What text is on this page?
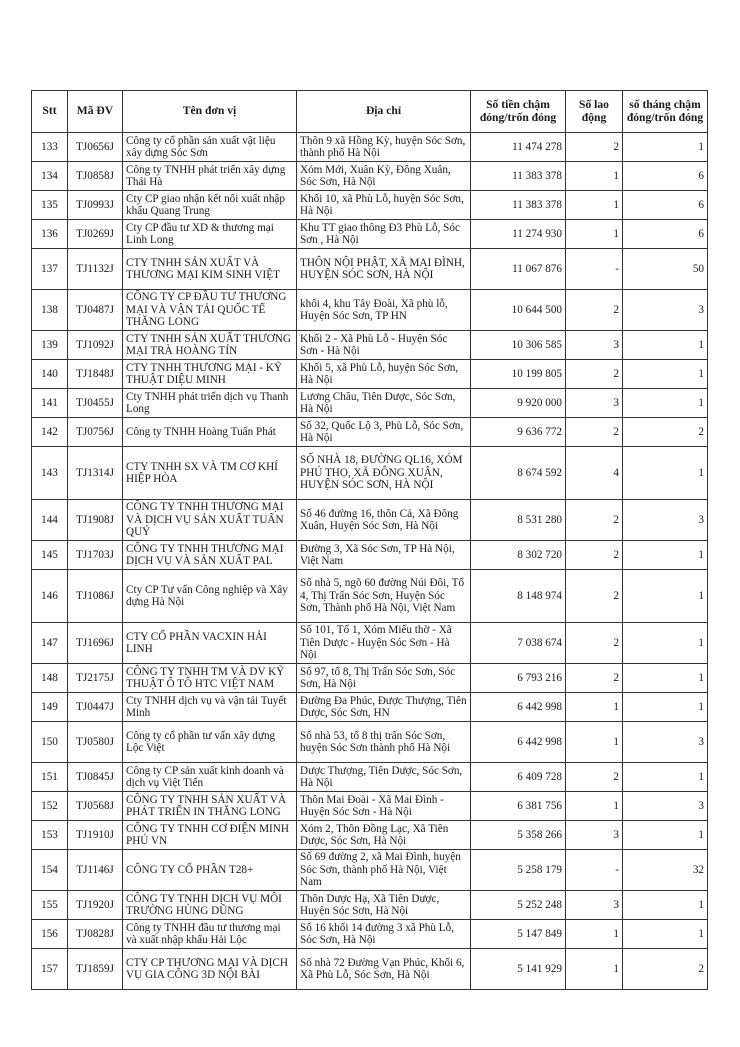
Stt	Mã ĐV	Tên đơn vị	Địa chỉ	Số tiền chậm đóng/trốn đóng	Số lao động	số tháng chậm đóng/trốn đóng
133	TJ0656J	Công ty cổ phần sản xuất vật liệu xây dựng Sóc Sơn	Thôn 9 xã Hồng Kỳ, huyện Sóc Sơn, thành phố Hà Nội	11 474 278	2	1
134	TJ0858J	Công ty TNHH phát triển xây dựng Thái Hà	Xóm Mới, Xuân Kỳ, Đông Xuân, Sóc Sơn, Hà Nội	11 383 378	1	6
135	TJ0993J	Cty CP giao nhận kết nối xuất nhập khẩu Quang Trung	Khối 10, xã Phù Lỗ, huyện Sóc Sơn, Hà Nội	11 383 378	1	6
136	TJ0269J	Cty CP đầu tư XD & thương mại Linh Long	Khu TT giao thông Đ3 Phù Lỗ, Sóc Sơn , Hà Nội	11 274 930	1	6
137	TJ1132J	CTY TNHH SẢN XUẤT VÀ THƯƠNG MẠI KIM SINH VIỆT	THÔN NỘI PHẬT, XÃ MAI ĐÌNH, HUYỆN SÓC SƠN, HÀ NỘI	11 067 876	-	50
138	TJ0487J	CÔNG TY CP ĐẦU TƯ THƯƠNG MẠI VÀ VẬN TẢI QUỐC TẾ THĂNG LONG	khối 4, khu Tây Đoài, Xã phù lỗ, Huyện Sóc Sơn, TP HN	10 644 500	2	3
139	TJ1092J	CTY TNHH SẢN XUẤT THƯƠNG MẠI TRÀ HOÀNG TÍN	Khối 2 - Xã Phù Lỗ - Huyện Sóc Sơn - Hà Nội	10 306 585	3	1
140	TJ1848J	CTY TNHH THƯƠNG MẠI - KỸ THUẬT DIỆU MINH	Khối 5, xã Phù Lỗ, huyện Sóc Sơn, Hà Nội	10 199 805	2	1
141	TJ0455J	Cty TNHH phát triển dịch vụ Thanh Long	Lương Châu, Tiên Dược, Sóc Sơn, Hà Nội	9 920 000	3	1
142	TJ0756J	Công ty TNHH Hoàng Tuấn Phát	Số 32, Quốc Lộ 3, Phù Lỗ, Sóc Sơn, Hà Nội	9 636 772	2	2
143	TJ1314J	CTY TNHH SX VÀ TM CƠ KHÍ HIỆP HÒA	SỐ NHÀ 18, ĐƯỜNG QL16, XÓM PHÚ THỌ, XÃ ĐÔNG XUÂN, HUYỆN SÓC SƠN, HÀ NỘI	8 674 592	4	1
144	TJ1908J	CÔNG TY TNHH THƯƠNG MẠI VÀ DỊCH VỤ SẢN XUẤT TUẤN QUÝ	Số 46 đường 16, thôn Cả, Xã Đông Xuân, Huyện Sóc Sơn, Hà Nội	8 531 280	2	3
145	TJ1703J	CÔNG TY TNHH THƯƠNG MẠI DỊCH VỤ VÀ SẢN XUẤT PAL	Đường 3, Xã Sóc Sơn, TP Hà Nội, Việt Nam	8 302 720	2	1
146	TJ1086J	Cty CP Tư vấn Công nghiệp và Xây dựng Hà Nội	Số nhà 5, ngõ 60 đường Núi Đôi, Tổ 4, Thị Trấn Sóc Sơn, Huyện Sóc Sơn, Thành phố Hà Nội, Việt Nam	8 148 974	2	1
147	TJ1696J	CTY CỔ PHẦN VACXIN HẢI LINH	Số 101, Tổ 1, Xóm Miếu thờ - Xã Tiên Dược - Huyện Sóc Sơn - Hà Nội	7 038 674	2	1
148	TJ2175J	CÔNG TY TNHH TM VÀ DV KỸ THUẬT Ô TÔ HTC VIỆT NAM	Số 97, tổ 8, Thị Trấn Sóc Sơn, Sóc Sơn, Hà Nội	6 793 216	2	1
149	TJ0447J	Cty TNHH dịch vụ và vận tải Tuyết Minh	Đường Đa Phúc, Được Thượng, Tiên Dược, Sóc Sơn, HN	6 442 998	1	1
150	TJ0580J	Công ty cổ phần tư vấn xây dựng Lộc Việt	Số nhà 53, tổ 8 thị trấn Sóc Sơn, huyện Sóc Sơn thành phố Hà Nội	6 442 998	1	3
151	TJ0845J	Công ty CP sản xuất kinh doanh và dịch vụ Việt Tiến	Dược Thượng, Tiên Dược, Sóc Sơn, Hà Nội	6 409 728	2	1
152	TJ0568J	CÔNG TY TNHH SẢN XUẤT VÀ PHÁT TRIỂN IN THĂNG LONG	Thôn Mai Đoài - Xã Mai Đình - Huyện Sóc Sơn - Hà Nội	6 381 756	1	3
153	TJ1910J	CÔNG TY TNHH CƠ ĐIỆN MINH PHÚ VN	Xóm 2, Thôn Đồng Lạc, Xã Tiên Dược, Sóc Sơn, Hà Nội	5 358 266	3	1
154	TJ1146J	CÔNG TY CỔ PHẦN T28+	Số 69 đường 2, xã Mai Đình, huyện Sóc Sơn, thành phố Hà Nội, Việt Nam	5 258 179	-	32
155	TJ1920J	CÔNG TY TNHH DỊCH VỤ MÔI TRƯỜNG HÙNG DŨNG	Thôn Dược Hạ, Xã Tiên Dược, Huyện Sóc Sơn, Hà Nội	5 252 248	3	1
156	TJ0828J	Công ty TNHH đầu tư thương mại và xuất nhập khẩu Hải Lộc	Số 16 khối 14 đường 3 xã Phù Lỗ, Sóc Sơn, Hà Nội	5 147 849	1	1
157	TJ1859J	CTY CP THƯƠNG MẠI VÀ DỊCH VỤ GIA CÔNG 3D NỘI BÀI	Số nhà 72 Đường Vạn Phúc, Khối 6, Xã Phù Lỗ, Sóc Sơn, Hà Nội	5 141 929	1	2
